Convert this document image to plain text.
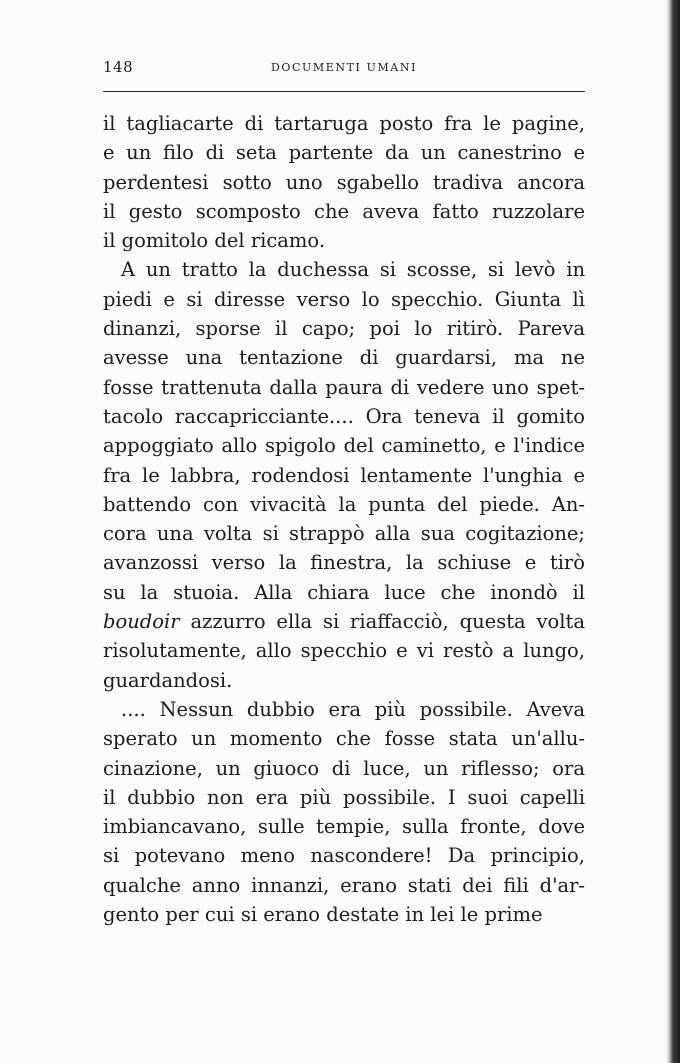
148	DOCUMENTI UMANI
il tagliacarte di tartaruga posto fra le pagine,
e un filo di seta partente da un canestrino e
perdentesi sotto uno sgabello tradiva ancora
il gesto scomposto che aveva fatto ruzzolare
il gomitolo del ricamo.
A un tratto la duchessa si scosse, si levò in
piedi e si diresse verso lo specchio. Giunta lì
dinanzi, sporse il capo; poi lo ritirò. Pareva
avesse una tentazione di guardarsi, ma ne
fosse trattenuta dalla paura di vedere uno spet-
tacolo raccapricciante.... Ora teneva il gomito
appoggiato allo spigolo del caminetto, e l'indice
fra le labbra, rodendosi lentamente l'unghia e
battendo con vivacità la punta del piede. An-
cora una volta si strappò alla sua cogitazione;
avanzossi verso la finestra, la schiuse e tirò
su la stuoia. Alla chiara luce che inondò il
boudoir azzurro ella si riaffacciò, questa volta
risolutamente, allo specchio e vi restò a lungo,
guardandosi.
.... Nessun dubbio era più possibile. Aveva
sperato un momento che fosse stata un'allu-
cinazione, un giuoco di luce, un riflesso; ora
il dubbio non era più possibile. I suoi capelli
imbiancavano, sulle tempie, sulla fronte, dove
si potevano meno nascondere! Da principio,
qualche anno innanzi, erano stati dei fili d'ar-
gento per cui si erano destate in lei le prime
